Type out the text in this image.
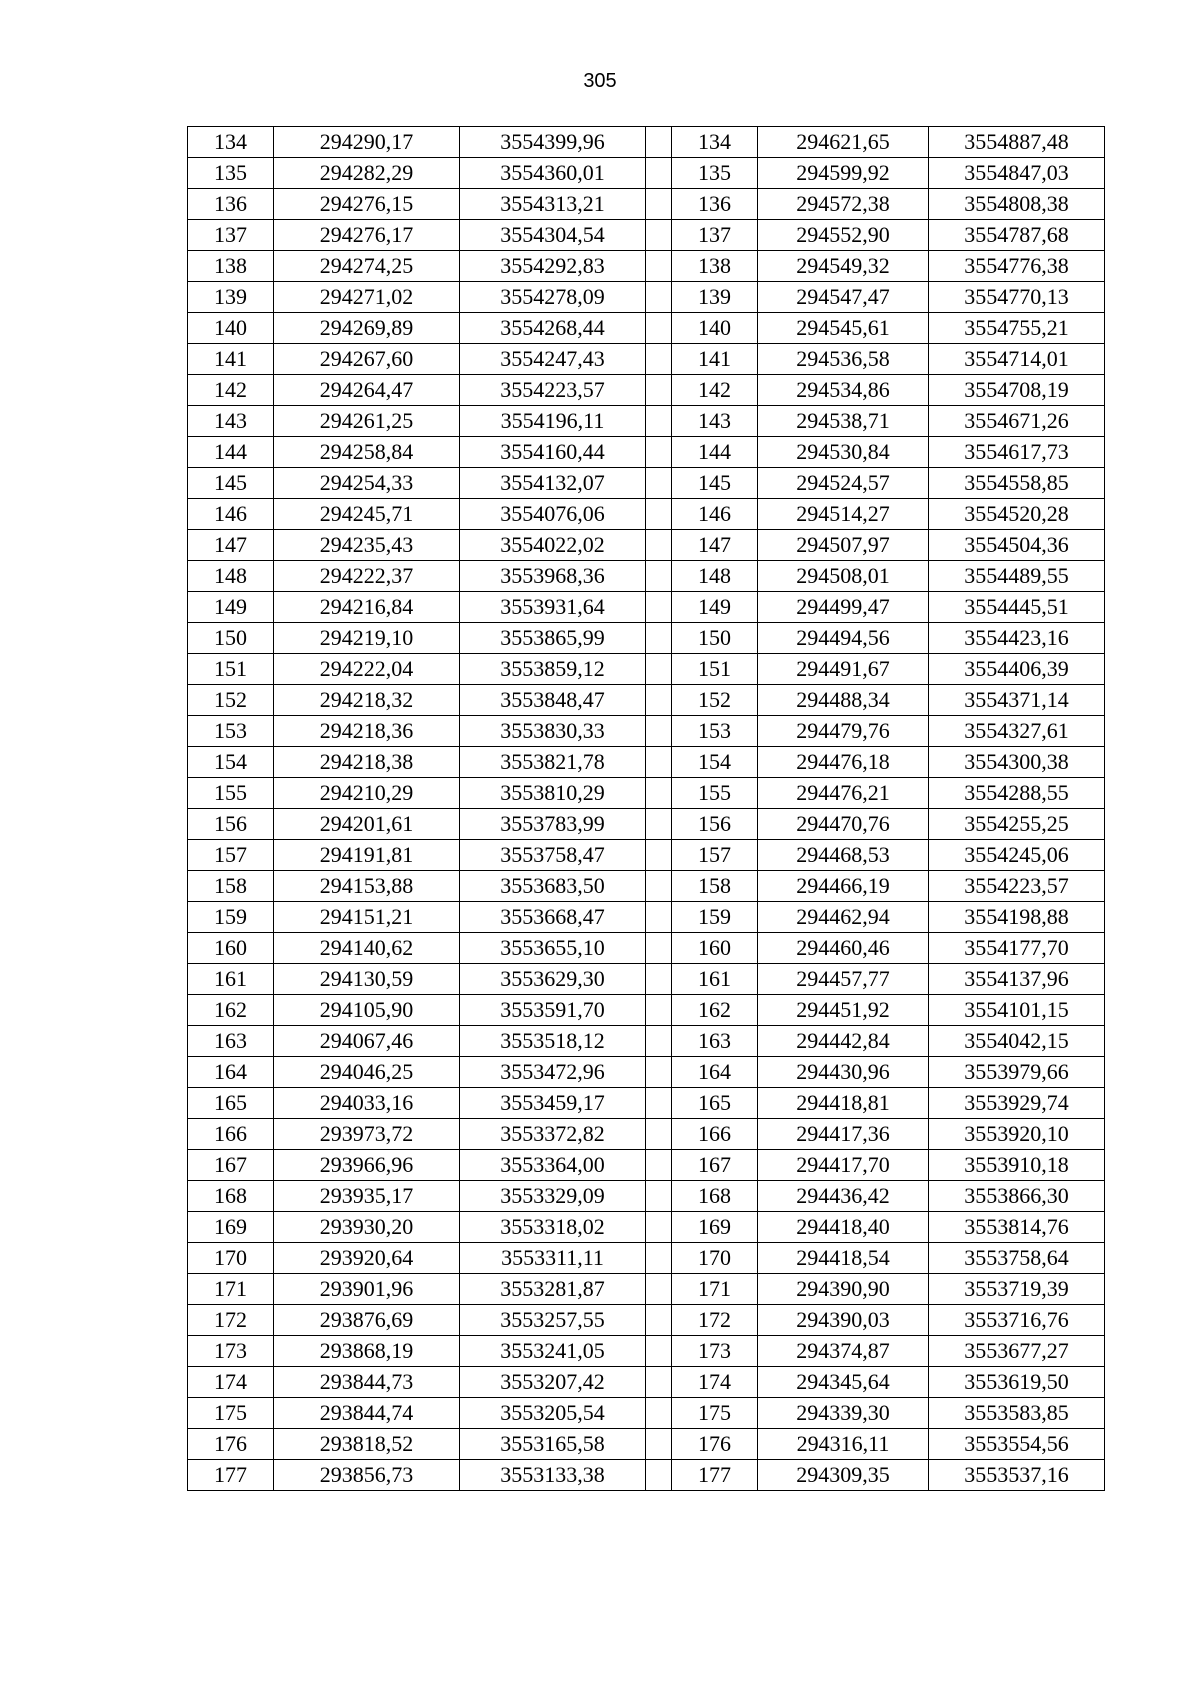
305
134	294290,17	3554399,96	
135	294282,29	3554360,01	
136	294276,15	3554313,21	
137	294276,17	3554304,54	
138	294274,25	3554292,83	
139	294271,02	3554278,09	
140	294269,89	3554268,44	
141	294267,60	3554247,43	
142	294264,47	3554223,57	
143	294261,25	3554196,11	
144	294258,84	3554160,44	
145	294254,33	3554132,07	
146	294245,71	3554076,06	
147	294235,43	3554022,02	
148	294222,37	3553968,36	
149	294216,84	3553931,64	
150	294219,10	3553865,99	
151	294222,04	3553859,12	
152	294218,32	3553848,47	
153	294218,36	3553830,33	
154	294218,38	3553821,78	
155	294210,29	3553810,29	
156	294201,61	3553783,99	
157	294191,81	3553758,47	
158	294153,88	3553683,50	
159	294151,21	3553668,47	
160	294140,62	3553655,10	
161	294130,59	3553629,30	
162	294105,90	3553591,70	
163	294067,46	3553518,12	
164	294046,25	3553472,96	
165	294033,16	3553459,17	
166	293973,72	3553372,82	
167	293966,96	3553364,00	
168	293935,17	3553329,09	
169	293930,20	3553318,02	
170	293920,64	3553311,11	
171	293901,96	3553281,87	
172	293876,69	3553257,55	
173	293868,19	3553241,05	
174	293844,73	3553207,42	
175	293844,74	3553205,54	
176	293818,52	3553165,58	
177	293856,73	3553133,38	
134	294621,65	3554887,48
135	294599,92	3554847,03
136	294572,38	3554808,38
137	294552,90	3554787,68
138	294549,32	3554776,38
139	294547,47	3554770,13
140	294545,61	3554755,21
141	294536,58	3554714,01
142	294534,86	3554708,19
143	294538,71	3554671,26
144	294530,84	3554617,73
145	294524,57	3554558,85
146	294514,27	3554520,28
147	294507,97	3554504,36
148	294508,01	3554489,55
149	294499,47	3554445,51
150	294494,56	3554423,16
151	294491,67	3554406,39
152	294488,34	3554371,14
153	294479,76	3554327,61
154	294476,18	3554300,38
155	294476,21	3554288,55
156	294470,76	3554255,25
157	294468,53	3554245,06
158	294466,19	3554223,57
159	294462,94	3554198,88
160	294460,46	3554177,70
161	294457,77	3554137,96
162	294451,92	3554101,15
163	294442,84	3554042,15
164	294430,96	3553979,66
165	294418,81	3553929,74
166	294417,36	3553920,10
167	294417,70	3553910,18
168	294436,42	3553866,30
169	294418,40	3553814,76
170	294418,54	3553758,64
171	294390,90	3553719,39
172	294390,03	3553716,76
173	294374,87	3553677,27
174	294345,64	3553619,50
175	294339,30	3553583,85
176	294316,11	3553554,56
177	294309,35	3553537,16
